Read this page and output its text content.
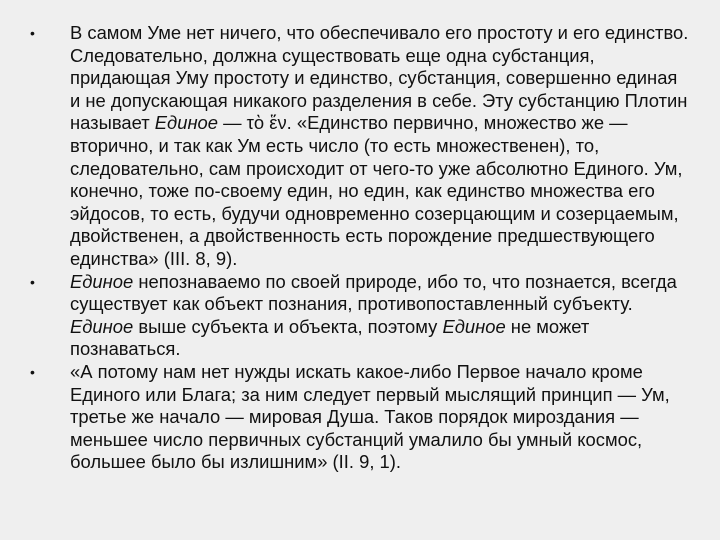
•	В самом Уме нет ничего, что обеспечивало его простоту и его единство. Следовательно, должна существовать еще одна субстанция, придающая Уму простоту и единство, субстанция, совершенно единая и не допускающая никакого разделения в себе. Эту субстанцию Плотин называет Единое — τὸ ἕν. «Единство первично, множество же — вторично, и так как Ум есть число (то есть множественен), то, следовательно, сам происходит от чего-то уже абсолютно Единого. Ум, конечно, тоже по-своему един, но един, как единство множества его эйдосов, то есть, будучи одновременно созерцающим и созерцаемым, двойственен, а двойственность есть порождение предшествующего единства» (III. 8, 9).
•	Единое непознаваемо по своей природе, ибо то, что познается, всегда существует как объект познания, противопоставленный субъекту. Единое выше субъекта и объекта, поэтому Единое не может познаваться.
•	«А потому нам нет нужды искать какое-либо Первое начало кроме Единого или Блага; за ним следует первый мыслящий принцип — Ум, третье же начало — мировая Душа. Таков порядок мироздания — меньшее число первичных субстанций умалило бы умный космос, большее было бы излишним» (II. 9, 1).
